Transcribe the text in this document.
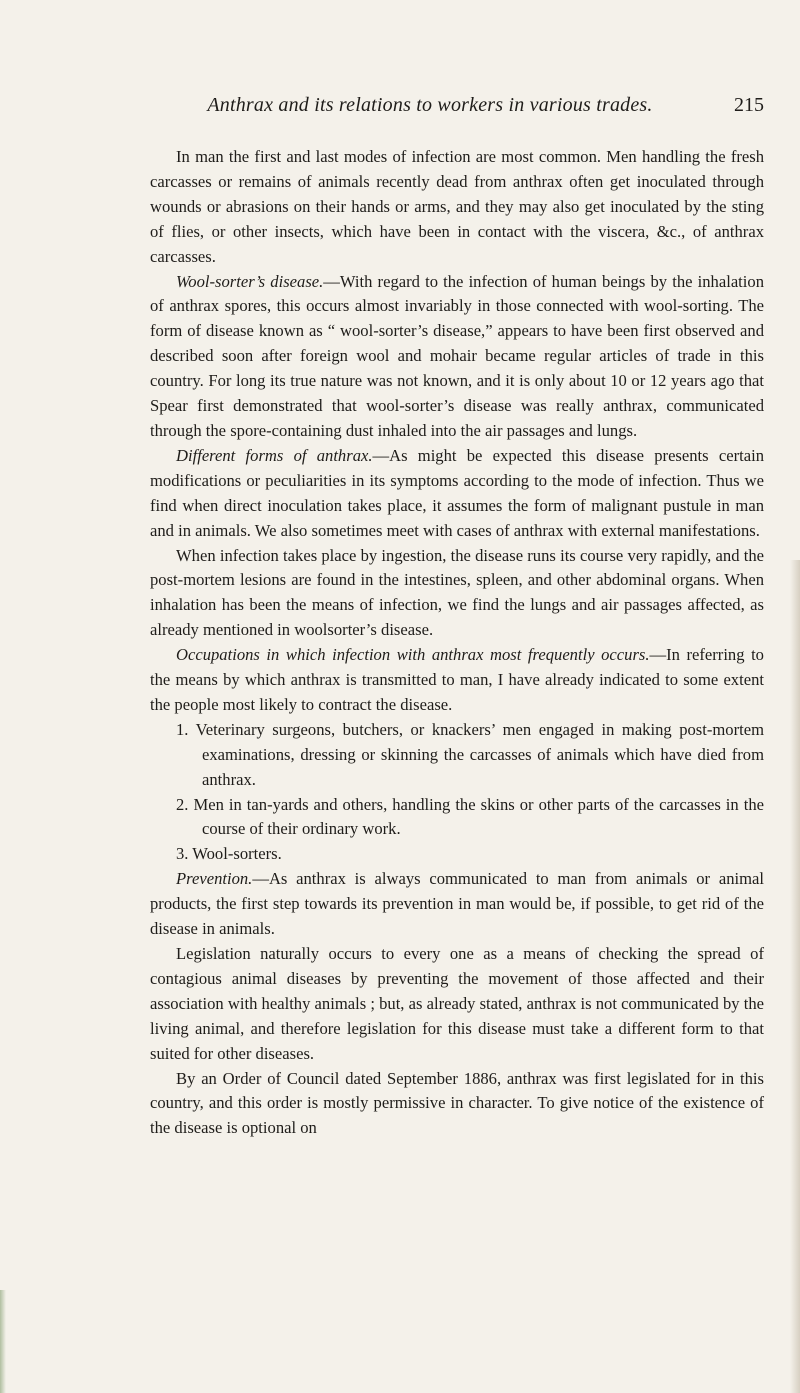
Anthrax and its relations to workers in various trades.	215

In man the first and last modes of infection are most common. Men handling the fresh carcasses or remains of animals recently dead from anthrax often get inoculated through wounds or abrasions on their hands or arms, and they may also get inoculated by the sting of flies, or other insects, which have been in contact with the viscera, &c., of anthrax carcasses.

Wool-sorter’s disease.—With regard to the infection of human beings by the inhalation of anthrax spores, this occurs almost invariably in those connected with wool-sorting. The form of disease known as “ wool-sorter’s disease,” appears to have been first observed and described soon after foreign wool and mohair became regular articles of trade in this country. For long its true nature was not known, and it is only about 10 or 12 years ago that Spear first demonstrated that wool-sorter’s disease was really anthrax, communicated through the spore-containing dust inhaled into the air passages and lungs.

Different forms of anthrax.—As might be expected this disease presents certain modifications or peculiarities in its symptoms according to the mode of infection. Thus we find when direct inoculation takes place, it assumes the form of malignant pustule in man and in animals. We also sometimes meet with cases of anthrax with external manifestations.

When infection takes place by ingestion, the disease runs its course very rapidly, and the post-mortem lesions are found in the intestines, spleen, and other abdominal organs. When inhalation has been the means of infection, we find the lungs and air passages affected, as already mentioned in woolsorter’s disease.

Occupations in which infection with anthrax most frequently occurs.—In referring to the means by which anthrax is transmitted to man, I have already indicated to some extent the people most likely to contract the disease.

1. Veterinary surgeons, butchers, or knackers’ men engaged in making post-mortem examinations, dressing or skinning the carcasses of animals which have died from anthrax.
2. Men in tan-yards and others, handling the skins or other parts of the carcasses in the course of their ordinary work.
3. Wool-sorters.

Prevention.—As anthrax is always communicated to man from animals or animal products, the first step towards its prevention in man would be, if possible, to get rid of the disease in animals.

Legislation naturally occurs to every one as a means of checking the spread of contagious animal diseases by preventing the movement of those affected and their association with healthy animals ; but, as already stated, anthrax is not communicated by the living animal, and therefore legislation for this disease must take a different form to that suited for other diseases.

By an Order of Council dated September 1886, anthrax was first legislated for in this country, and this order is mostly permissive in character. To give notice of the existence of the disease is optional on
